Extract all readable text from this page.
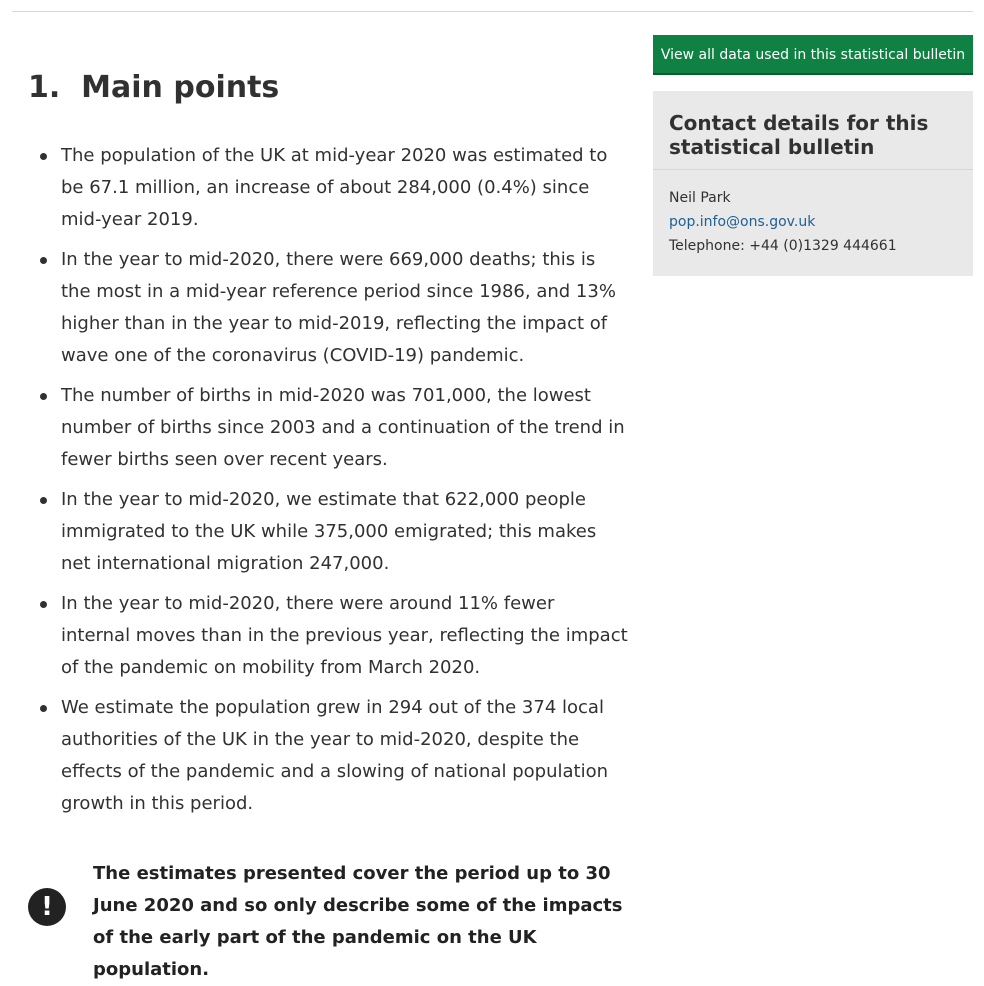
1. Main points
The population of the UK at mid-year 2020 was estimated to be 67.1 million, an increase of about 284,000 (0.4%) since mid-year 2019.
In the year to mid-2020, there were 669,000 deaths; this is the most in a mid-year reference period since 1986, and 13% higher than in the year to mid-2019, reflecting the impact of wave one of the coronavirus (COVID-19) pandemic.
The number of births in mid-2020 was 701,000, the lowest number of births since 2003 and a continuation of the trend in fewer births seen over recent years.
In the year to mid-2020, we estimate that 622,000 people immigrated to the UK while 375,000 emigrated; this makes net international migration 247,000.
In the year to mid-2020, there were around 11% fewer internal moves than in the previous year, reflecting the impact of the pandemic on mobility from March 2020.
We estimate the population grew in 294 out of the 374 local authorities of the UK in the year to mid-2020, despite the effects of the pandemic and a slowing of national population growth in this period.
!

The estimates presented cover the period up to 30 June 2020 and so only describe some of the impacts of the early part of the pandemic on the UK population.

View all data used in this statistical bulletin
Contact details for this statistical bulletin
Neil Park
pop.info@ons.gov.uk
Telephone: +44 (0)1329 444661
